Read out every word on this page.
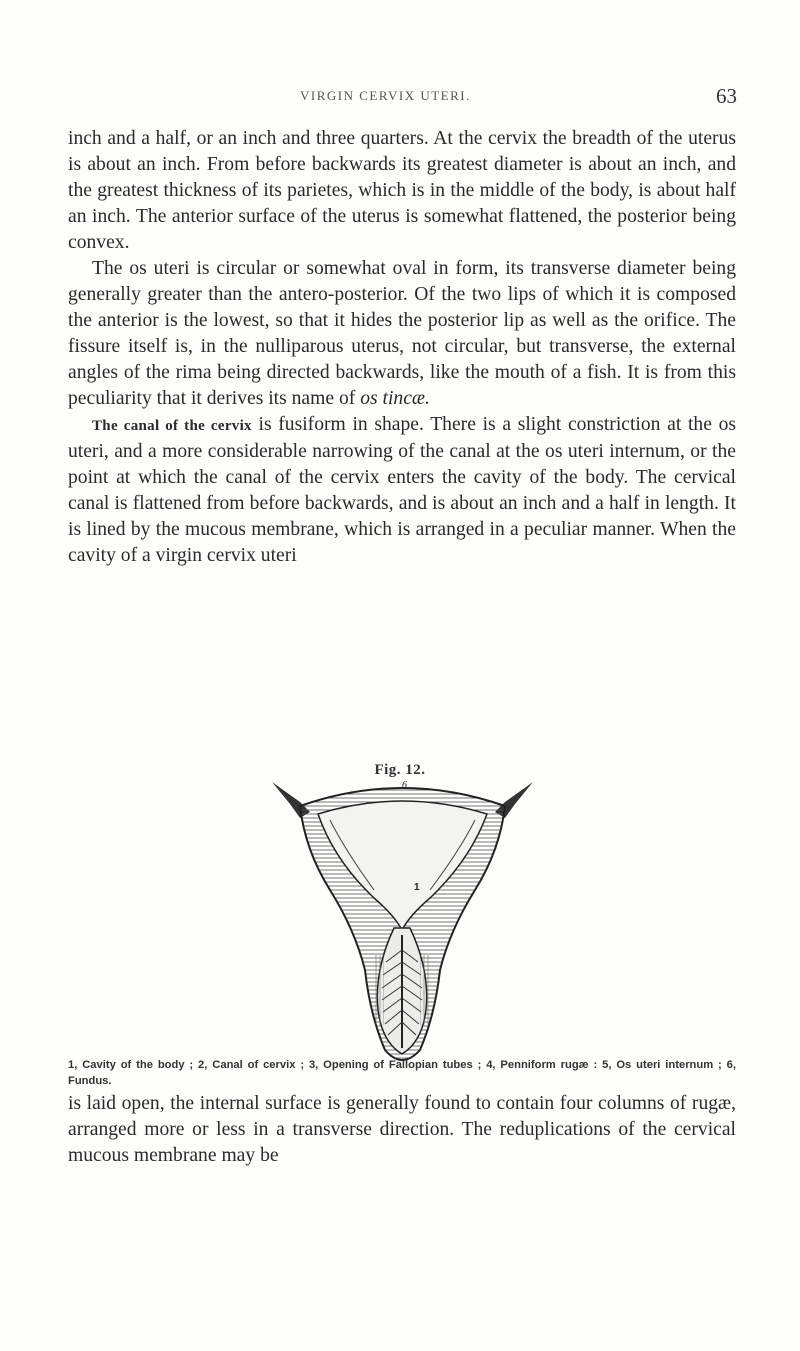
VIRGIN CERVIX UTERI.	63

inch and a half, or an inch and three quarters. At the cervix the breadth of the uterus is about an inch. From before backwards its greatest diameter is about an inch, and the greatest thickness of its parietes, which is in the middle of the body, is about half an inch. The anterior surface of the uterus is somewhat flattened, the posterior being convex.

The os uteri is circular or somewhat oval in form, its transverse diameter being generally greater than the antero-posterior. Of the two lips of which it is composed the anterior is the lowest, so that it hides the posterior lip as well as the orifice. The fissure itself is, in the nulliparous uterus, not circular, but transverse, the external angles of the rima being directed backwards, like the mouth of a fish. It is from this peculiarity that it derives its name of os tincæ.

The canal of the cervix is fusiform in shape. There is a slight constriction at the os uteri, and a more considerable narrowing of the canal at the os uteri internum, or the point at which the canal of the cervix enters the cavity of the body. The cervical canal is flattened from before backwards, and is about an inch and a half in length. It is lined by the mucous membrane, which is arranged in a peculiar manner. When the cavity of a virgin cervix uteri

Fig. 12.
6
1
1, Cavity of the body ; 2, Canal of cervix ; 3, Opening of Fallopian tubes ; 4, Penniform rugæ : 5, Os uteri internum ; 6, Fundus.

is laid open, the internal surface is generally found to contain four columns of rugæ, arranged more or less in a transverse direction. The reduplications of the cervical mucous membrane may be
